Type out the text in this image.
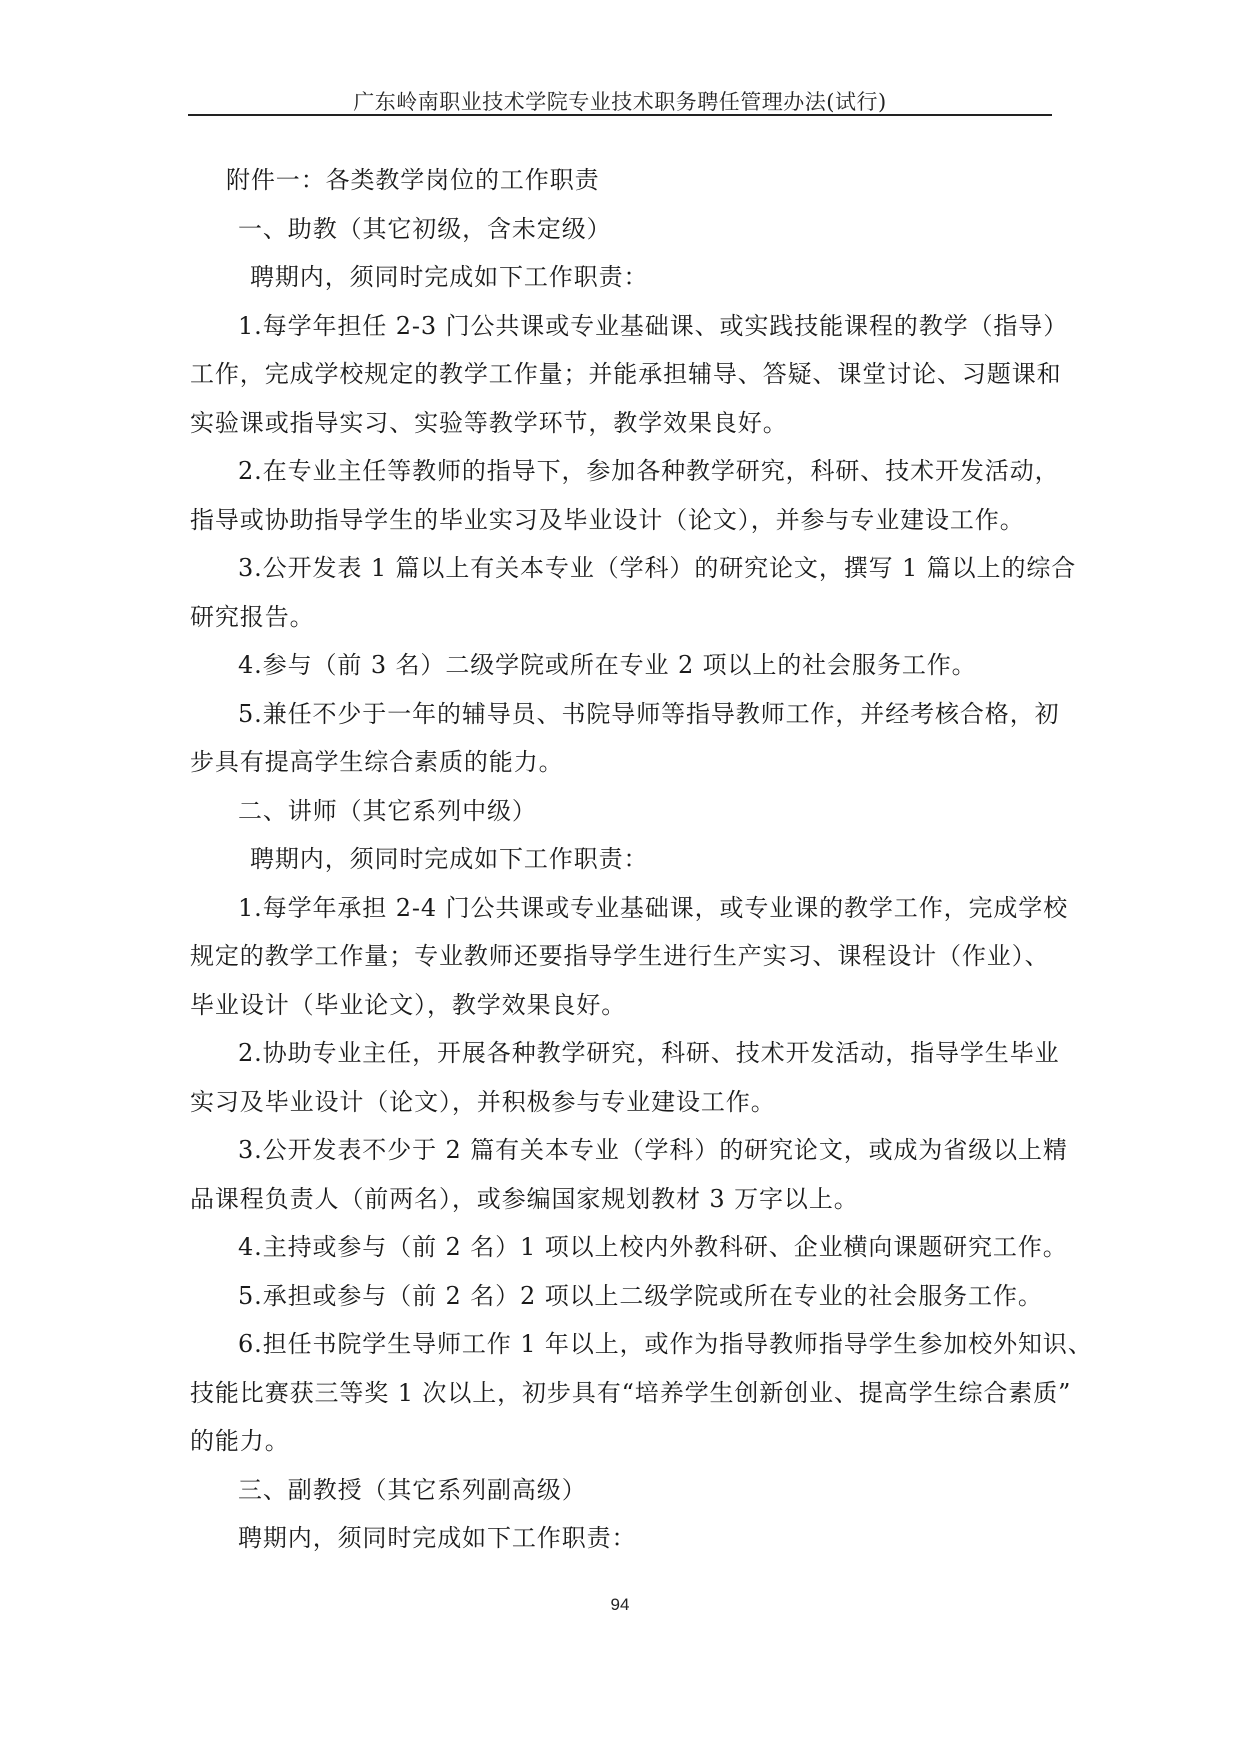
广东岭南职业技术学院专业技术职务聘任管理办法(试行)
附件一：各类教学岗位的工作职责
一、助教（其它初级，含未定级）
聘期内，须同时完成如下工作职责：
1.每学年担任 2-3 门公共课或专业基础课、或实践技能课程的教学（指导）
工作，完成学校规定的教学工作量；并能承担辅导、答疑、课堂讨论、习题课和
实验课或指导实习、实验等教学环节，教学效果良好。
2.在专业主任等教师的指导下，参加各种教学研究，科研、技术开发活动，
指导或协助指导学生的毕业实习及毕业设计（论文），并参与专业建设工作。
3.公开发表 1 篇以上有关本专业（学科）的研究论文，撰写 1 篇以上的综合
研究报告。
4.参与（前 3 名）二级学院或所在专业 2 项以上的社会服务工作。
5.兼任不少于一年的辅导员、书院导师等指导教师工作，并经考核合格，初
步具有提高学生综合素质的能力。
二、讲师（其它系列中级）
聘期内，须同时完成如下工作职责：
1.每学年承担 2-4 门公共课或专业基础课，或专业课的教学工作，完成学校
规定的教学工作量；专业教师还要指导学生进行生产实习、课程设计（作业）、
毕业设计（毕业论文），教学效果良好。
2.协助专业主任，开展各种教学研究，科研、技术开发活动，指导学生毕业
实习及毕业设计（论文），并积极参与专业建设工作。
3.公开发表不少于 2 篇有关本专业（学科）的研究论文，或成为省级以上精
品课程负责人（前两名），或参编国家规划教材 3 万字以上。
4.主持或参与（前 2 名）1 项以上校内外教科研、企业横向课题研究工作。
5.承担或参与（前 2 名）2 项以上二级学院或所在专业的社会服务工作。
6.担任书院学生导师工作 1 年以上，或作为指导教师指导学生参加校外知识、
技能比赛获三等奖 1 次以上，初步具有“培养学生创新创业、提高学生综合素质”
的能力。
三、副教授（其它系列副高级）
聘期内，须同时完成如下工作职责：
94
